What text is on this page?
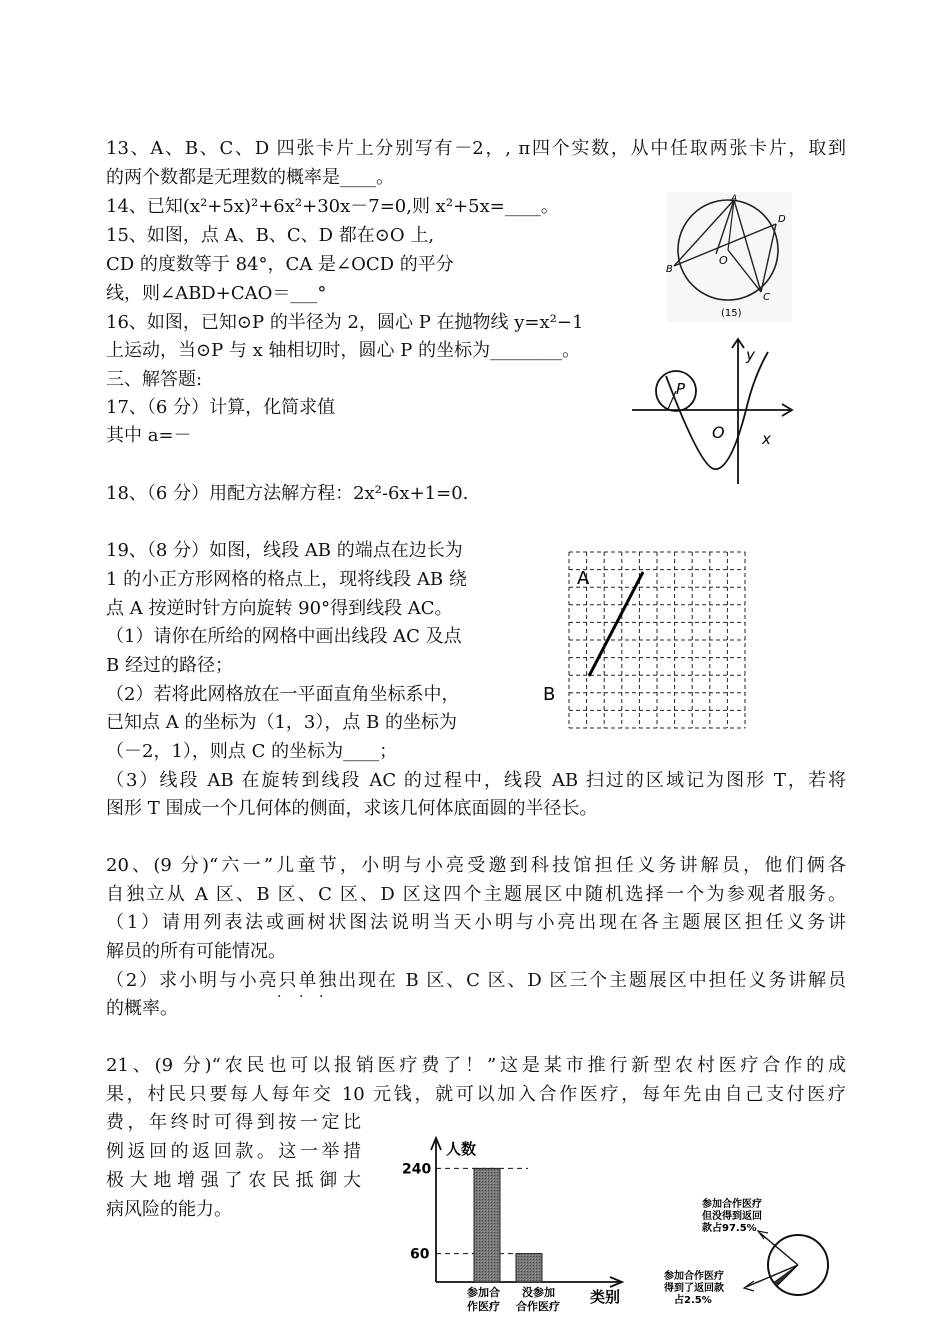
13、A、B、C、D 四张卡片上分别写有－2，, π四个实数，从中任取两张卡片，取到
的两个数都是无理数的概率是____。
14、已知(x²+5x)²+6x²+30x－7=0,则 x²+5x=____。
15、如图，点 A、B、C、D 都在⊙O 上,
CD 的度数等于 84°，CA 是∠OCD 的平分
线，则∠ABD+CAO＝___°
16、如图，已知⊙P 的半径为 2，圆心 P 在抛物线 y=x²−1
上运动，当⊙P 与 x 轴相切时，圆心 P 的坐标为________。
三、解答题:
17、（6 分）计算，化简求值
其中 a=－
18、（6 分）用配方法解方程：2x²-6x+1=0.
19、（8 分）如图，线段 AB 的端点在边长为
1 的小正方形网格的格点上，现将线段 AB 绕
点 A 按逆时针方向旋转 90°得到线段 AC。
（1）请你在所给的网格中画出线段 AC 及点
B 经过的路径；
（2）若将此网格放在一平面直角坐标系中，
已知点 A 的坐标为（1，3），点 B 的坐标为
（－2，1），则点 C 的坐标为____；
（3）线段 AB 在旋转到线段 AC 的过程中，线段 AB 扫过的区域记为图形 T，若将
图形 T 围成一个几何体的侧面，求该几何体底面圆的半径长。
20、(9 分)“六一”儿童节，小明与小亮受邀到科技馆担任义务讲解员，他们俩各
自独立从 A 区、B 区、C 区、D 区这四个主题展区中随机选择一个为参观者服务。
（1）请用列表法或画树状图法说明当天小明与小亮出现在各主题展区担任义务讲
解员的所有可能情况。
（2）求小明与小亮只单独出现在 B 区、C 区、D 区三个主题展区中担任义务讲解员
· · ·
的概率。
21、(9 分)“农民也可以报销医疗费了！”这是某市推行新型农村医疗合作的成
果，村民只要每人每年交 10 元钱，就可以加入合作医疗，每年先由自己支付医疗
费，年终时可得到按一定比
例返回的返回款。这一举措
极大地增强了农民抵御大
病风险的能力。
A
D
B
C
O
(15)
y
x
P
O
A
B
人数
类别
240
60
参加合
作医疗
没参加
合作医疗
参加合作医疗
但没得到返回
款占97.5%
参加合作医疗
得到了返回款
占2.5%
